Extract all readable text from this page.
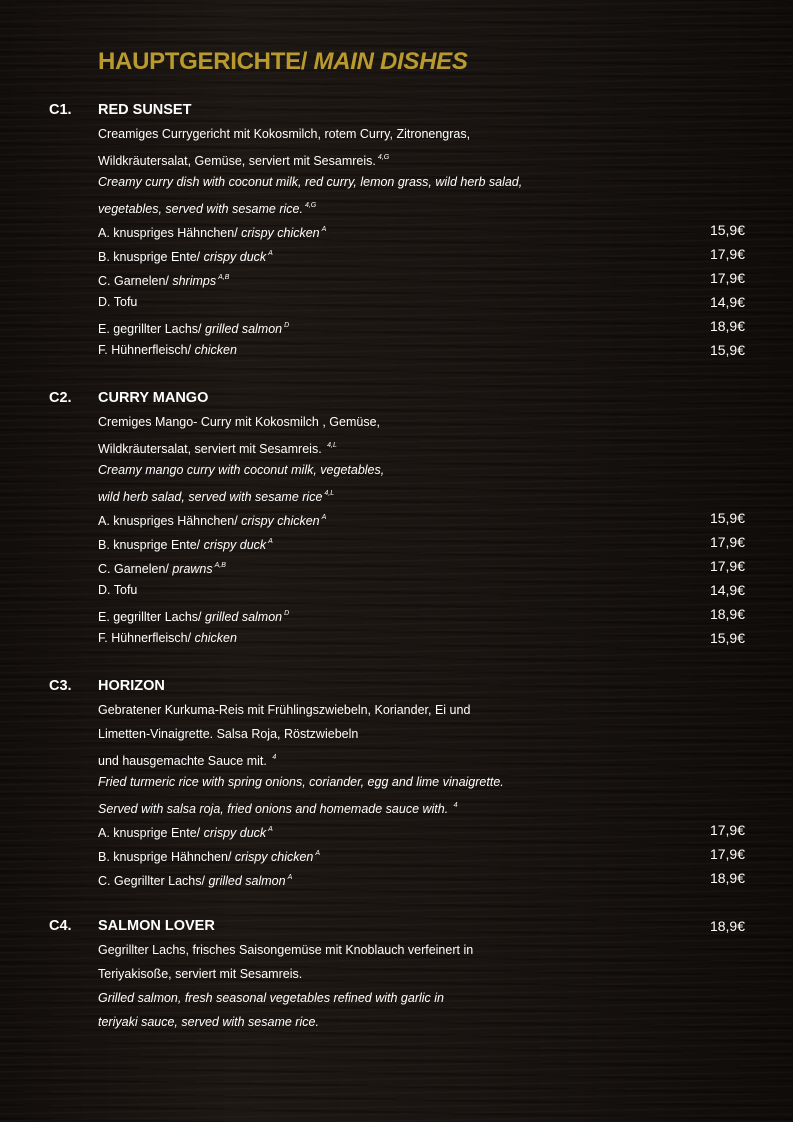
HAUPTGERICHTE/ MAIN DISHES
C1. RED SUNSET
Creamiges Currygericht mit Kokosmilch, rotem Curry, Zitronengras,
Wildkräutersalat, Gemüse, serviert mit Sesamreis. $^{4,G}$
Creamy curry dish with coconut milk, red curry, lemon grass, wild herb salad,
vegetables, served with sesame rice. $^{4,G}$
A. knuspriges Hähnchen/ crispy chicken $^A$	15,9€
B. knusprige Ente/ crispy duck $^A$	17,9€
C. Garnelen/ shrimps $^{A,B}$	17,9€
D. Tofu	14,9€
E. gegrillter Lachs/ grilled salmon $^D$	18,9€
F. Hühnerfleisch/ chicken	15,9€
C2. CURRY MANGO
Cremiges Mango- Curry mit Kokosmilch , Gemüse,
Wildkräutersalat, serviert mit Sesamreis. $^{4,L}$
Creamy mango curry with coconut milk, vegetables,
wild herb salad, served with sesame rice $^{4,L}$
A. knuspriges Hähnchen/ crispy chicken $^A$	15,9€
B. knusprige Ente/ crispy duck $^A$	17,9€
C. Garnelen/ prawns $^{A,B}$	17,9€
D. Tofu	14,9€
E. gegrillter Lachs/ grilled salmon $^D$	18,9€
F. Hühnerfleisch/ chicken	15,9€
C3. HORIZON
Gebratener Kurkuma-Reis mit Frühlingszwiebeln, Koriander, Ei und
Limetten-Vinaigrette. Salsa Roja, Röstzwiebeln
und hausgemachte Sauce mit. $^4$
Fried turmeric rice with spring onions, coriander, egg and lime vinaigrette.
Served with salsa roja, fried onions and homemade sauce with. $^4$
A. knusprige Ente/ crispy duck $^A$	17,9€
B. knusprige Hähnchen/ crispy chicken $^A$	17,9€
C. Gegrillter Lachs/ grilled salmon $^A$	18,9€
C4. SALMON LOVER	18,9€
Gegrillter Lachs, frisches Saisongemüse mit Knoblauch verfeinert in
Teriyakisoße, serviert mit Sesamreis.
Grilled salmon, fresh seasonal vegetables refined with garlic in
teriyaki sauce, served with sesame rice.
